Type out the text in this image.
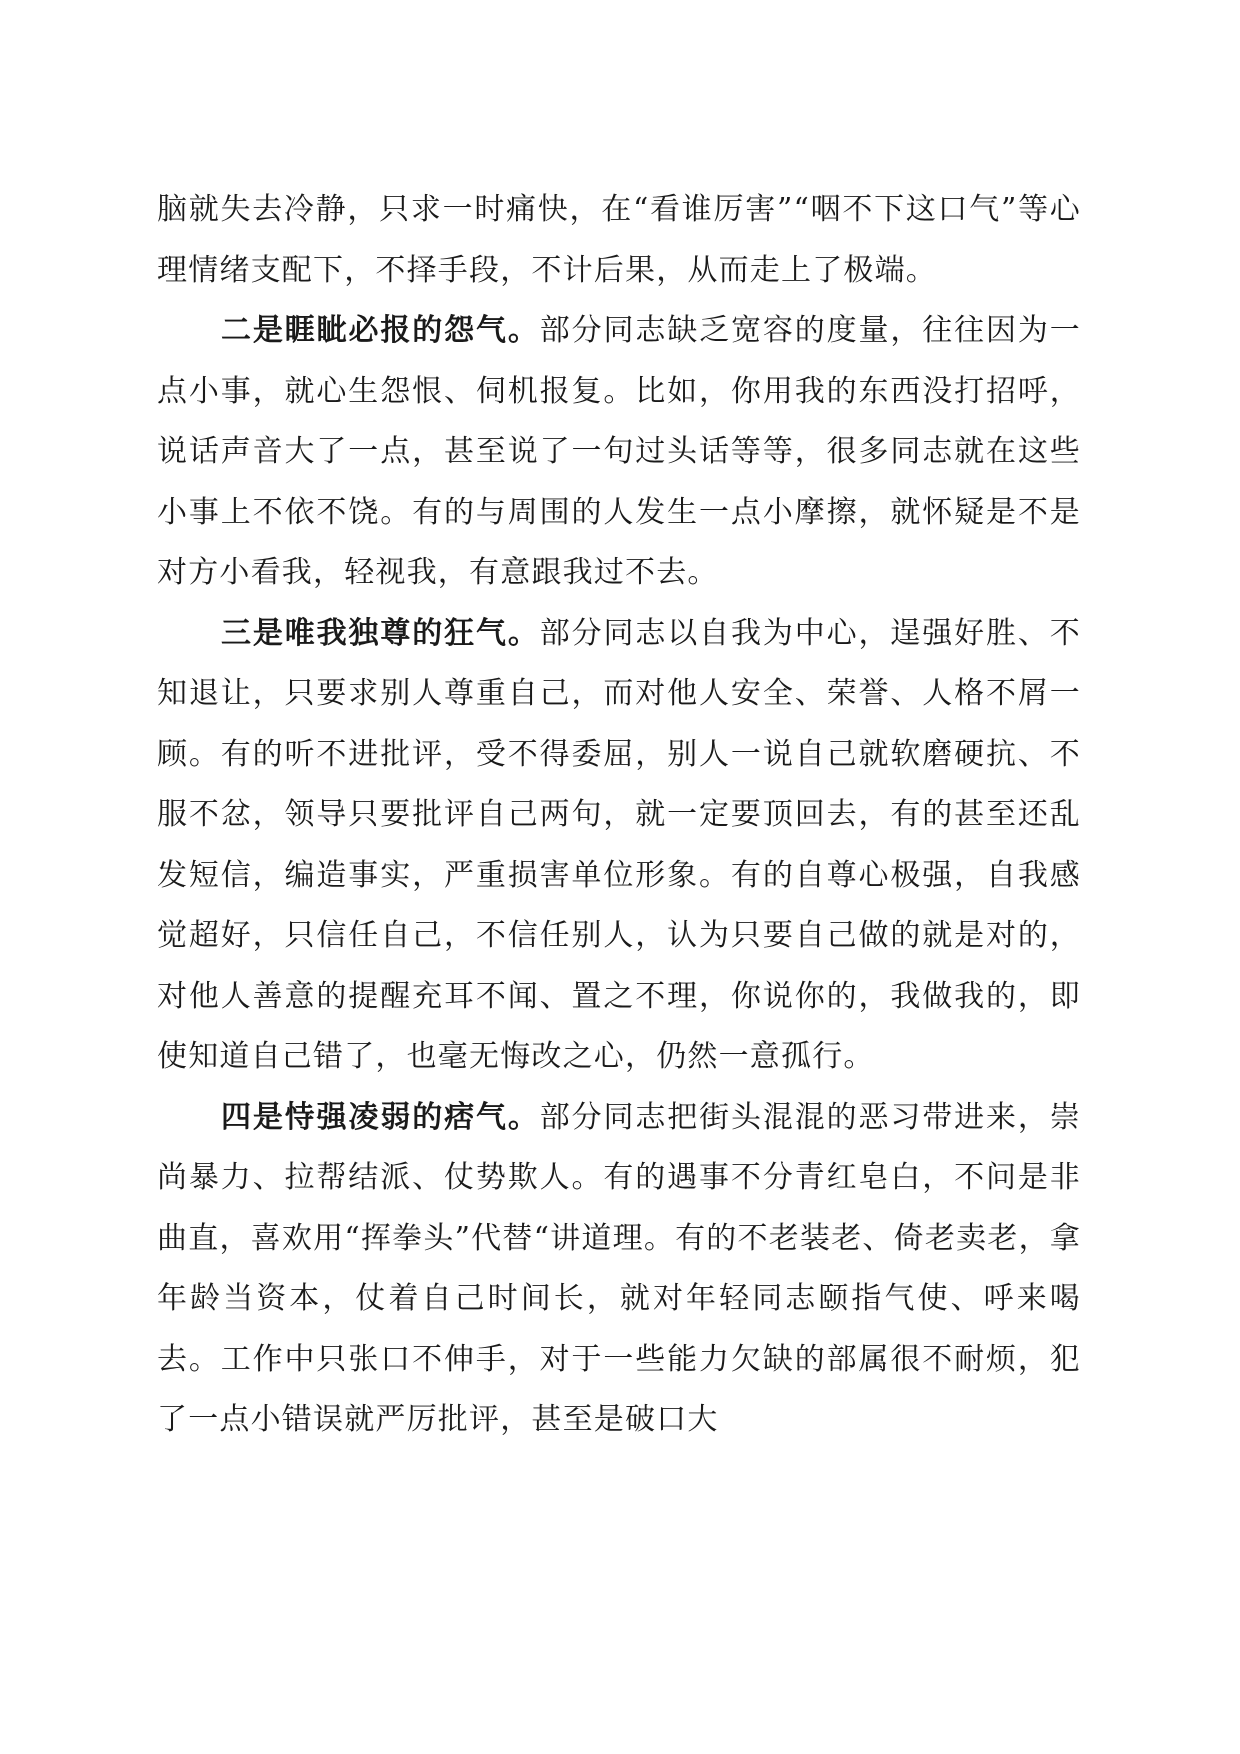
脑就失去冷静，只求一时痛快，在“看谁厉害”“咽不下这口气”等心理情绪支配下，不择手段，不计后果，从而走上了极端。

二是睚眦必报的怨气。部分同志缺乏宽容的度量，往往因为一点小事，就心生怨恨、伺机报复。比如，你用我的东西没打招呼，说话声音大了一点，甚至说了一句过头话等等，很多同志就在这些小事上不依不饶。有的与周围的人发生一点小摩擦，就怀疑是不是对方小看我，轻视我，有意跟我过不去。

三是唯我独尊的狂气。部分同志以自我为中心，逞强好胜、不知退让，只要求别人尊重自己，而对他人安全、荣誉、人格不屑一顾。有的听不进批评，受不得委屈，别人一说自己就软磨硬抗、不服不忿，领导只要批评自己两句，就一定要顶回去，有的甚至还乱发短信，编造事实，严重损害单位形象。有的自尊心极强，自我感觉超好，只信任自己，不信任别人，认为只要自己做的就是对的，对他人善意的提醒充耳不闻、置之不理，你说你的，我做我的，即使知道自己错了，也毫无悔改之心，仍然一意孤行。

四是恃强凌弱的痞气。部分同志把街头混混的恶习带进来，崇尚暴力、拉帮结派、仗势欺人。有的遇事不分青红皂白，不问是非曲直，喜欢用“挥拳头”代替“讲道理。有的不老装老、倚老卖老，拿年龄当资本，仗着自己时间长，就对年轻同志颐指气使、呼来喝去。工作中只张口不伸手，对于一些能力欠缺的部属很不耐烦，犯了一点小错误就严厉批评，甚至是破口大
